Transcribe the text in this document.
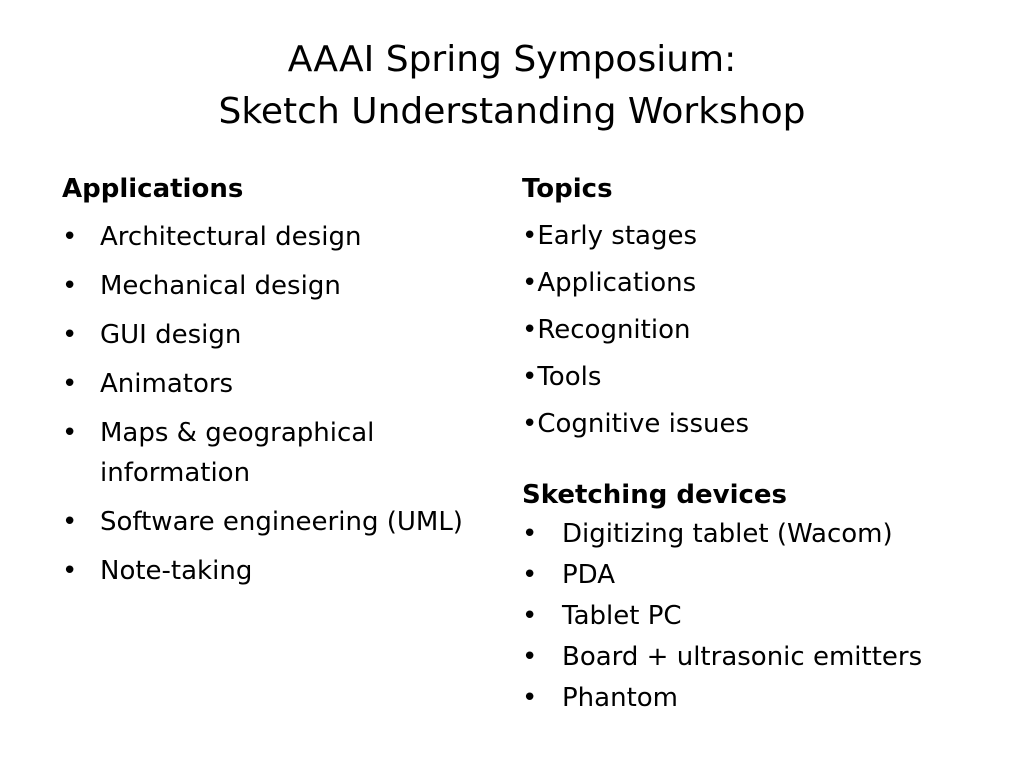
AAAI Spring Symposium:
Sketch Understanding Workshop

Applications

• Architectural design
• Mechanical design
• GUI design
• Animators
• Maps & geographical information
• Software engineering (UML)
• Note-taking

Topics

•Early stages
•Applications
•Recognition
•Tools
•Cognitive issues

Sketching devices

• Digitizing tablet (Wacom)
• PDA
• Tablet PC
• Board + ultrasonic emitters
• Phantom
